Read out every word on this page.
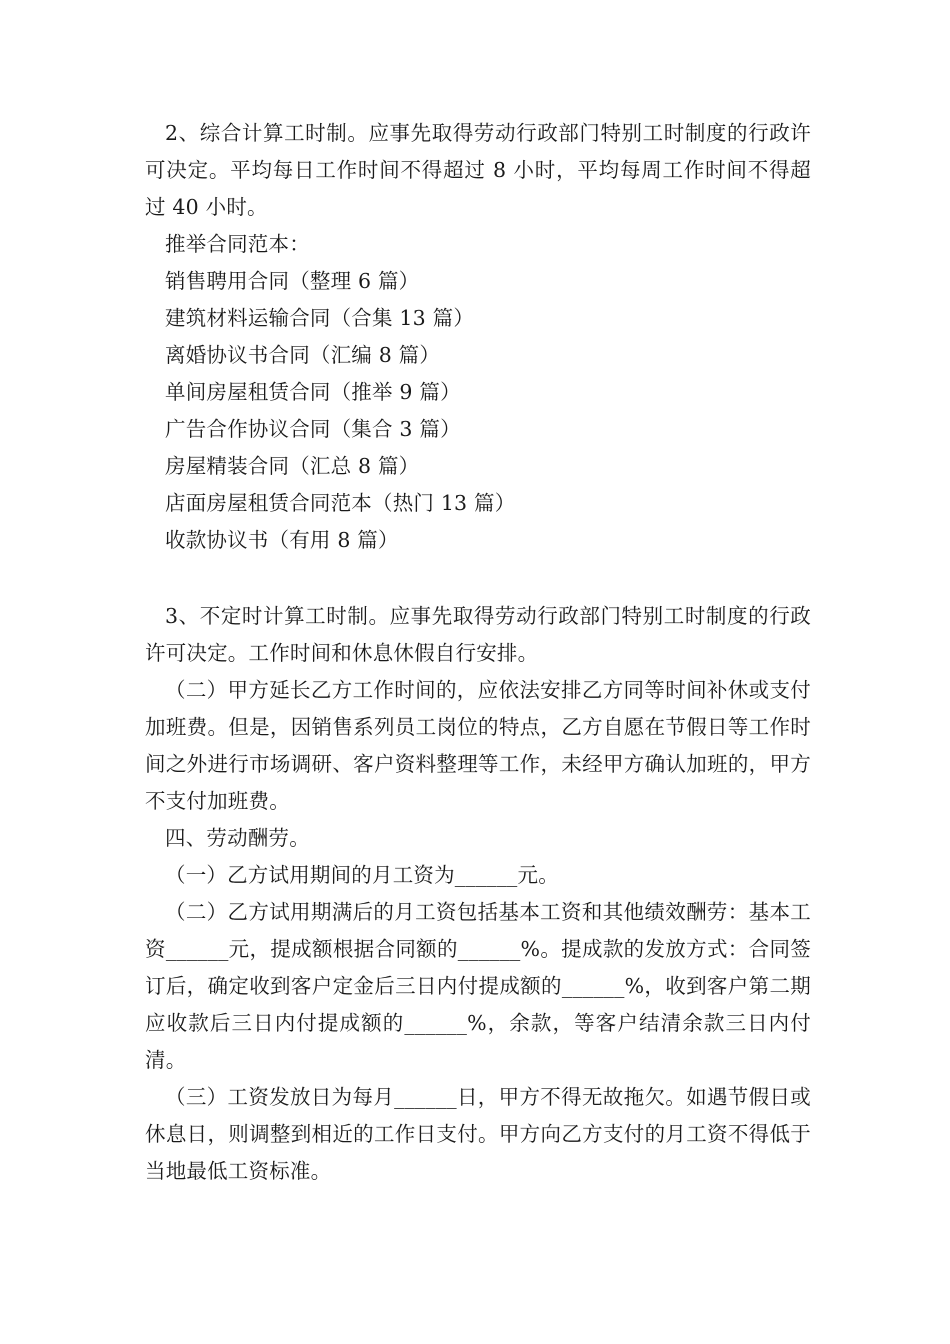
2、综合计算工时制。应事先取得劳动行政部门特别工时制度的行政许可决定。平均每日工作时间不得超过 8 小时，平均每周工作时间不得超过 40 小时。

推举合同范本：

销售聘用合同（整理 6 篇）
建筑材料运输合同（合集 13 篇）
离婚协议书合同（汇编 8 篇）
单间房屋租赁合同（推举 9 篇）
广告合作协议合同（集合 3 篇）
房屋精装合同（汇总 8 篇）
店面房屋租赁合同范本（热门 13 篇）
收款协议书（有用 8 篇）

3、不定时计算工时制。应事先取得劳动行政部门特别工时制度的行政许可决定。工作时间和休息休假自行安排。

（二）甲方延长乙方工作时间的，应依法安排乙方同等时间补休或支付加班费。但是，因销售系列员工岗位的特点，乙方自愿在节假日等工作时间之外进行市场调研、客户资料整理等工作，未经甲方确认加班的，甲方不支付加班费。

四、劳动酬劳。

（一）乙方试用期间的月工资为______元。

（二）乙方试用期满后的月工资包括基本工资和其他绩效酬劳：基本工资______元，提成额根据合同额的______%。提成款的发放方式：合同签订后，确定收到客户定金后三日内付提成额的______%，收到客户第二期应收款后三日内付提成额的______%，余款，等客户结清余款三日内付清。

（三）工资发放日为每月______日，甲方不得无故拖欠。如遇节假日或休息日，则调整到相近的工作日支付。甲方向乙方支付的月工资不得低于当地最低工资标准。
